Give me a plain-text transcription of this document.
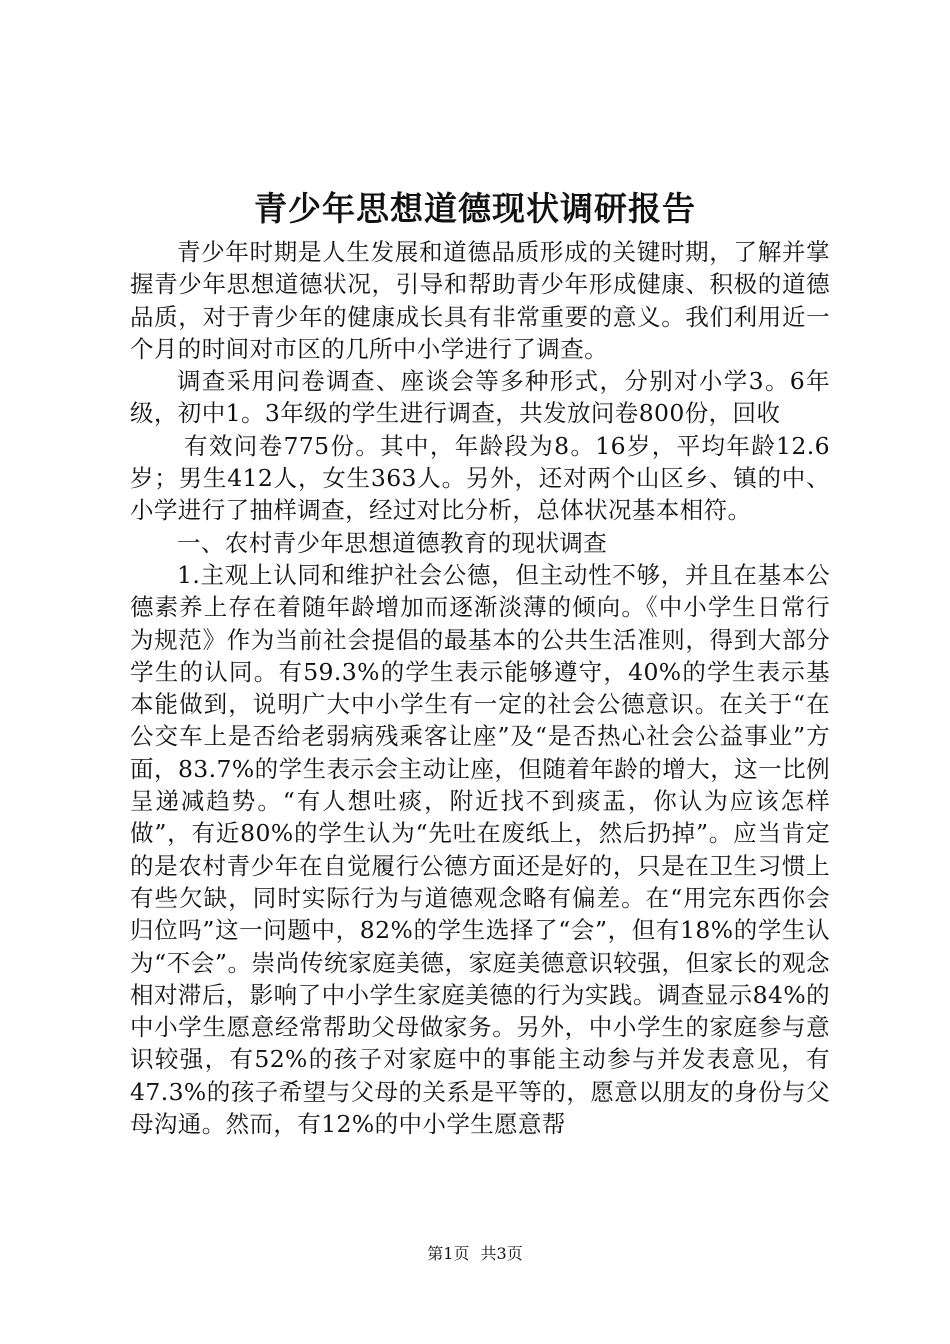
青少年思想道德现状调研报告

青少年时期是人生发展和道德品质形成的关键时期，了解并掌握青少年思想道德状况，引导和帮助青少年形成健康、积极的道德品质，对于青少年的健康成长具有非常重要的意义。我们利用近一个月的时间对市区的几所中小学进行了调查。

调查采用问卷调查、座谈会等多种形式，分别对小学3。6年级，初中1。3年级的学生进行调查，共发放问卷800份，回收

有效问卷775份。其中，年龄段为8。16岁，平均年龄12.6岁；男生412人，女生363人。另外，还对两个山区乡、镇的中、小学进行了抽样调查，经过对比分析，总体状况基本相符。

一、农村青少年思想道德教育的现状调查

1.主观上认同和维护社会公德，但主动性不够，并且在基本公德素养上存在着随年龄增加而逐渐淡薄的倾向。《中小学生日常行为规范》作为当前社会提倡的最基本的公共生活准则，得到大部分学生的认同。有59.3%的学生表示能够遵守，40%的学生表示基本能做到，说明广大中小学生有一定的社会公德意识。在关于“在公交车上是否给老弱病残乘客让座”及“是否热心社会公益事业”方面，83.7%的学生表示会主动让座，但随着年龄的增大，这一比例呈递减趋势。“有人想吐痰，附近找不到痰盂，你认为应该怎样做”，有近80%的学生认为“先吐在废纸上，然后扔掉”。应当肯定的是农村青少年在自觉履行公德方面还是好的，只是在卫生习惯上有些欠缺，同时实际行为与道德观念略有偏差。在“用完东西你会归位吗”这一问题中，82%的学生选择了“会”，但有18%的学生认为“不会”。崇尚传统家庭美德，家庭美德意识较强，但家长的观念相对滞后，影响了中小学生家庭美德的行为实践。调查显示84%的中小学生愿意经常帮助父母做家务。另外，中小学生的家庭参与意识较强，有52%的孩子对家庭中的事能主动参与并发表意见，有47.3%的孩子希望与父母的关系是平等的，愿意以朋友的身份与父母沟通。然而，有12%的中小学生愿意帮

第1页 共3页
